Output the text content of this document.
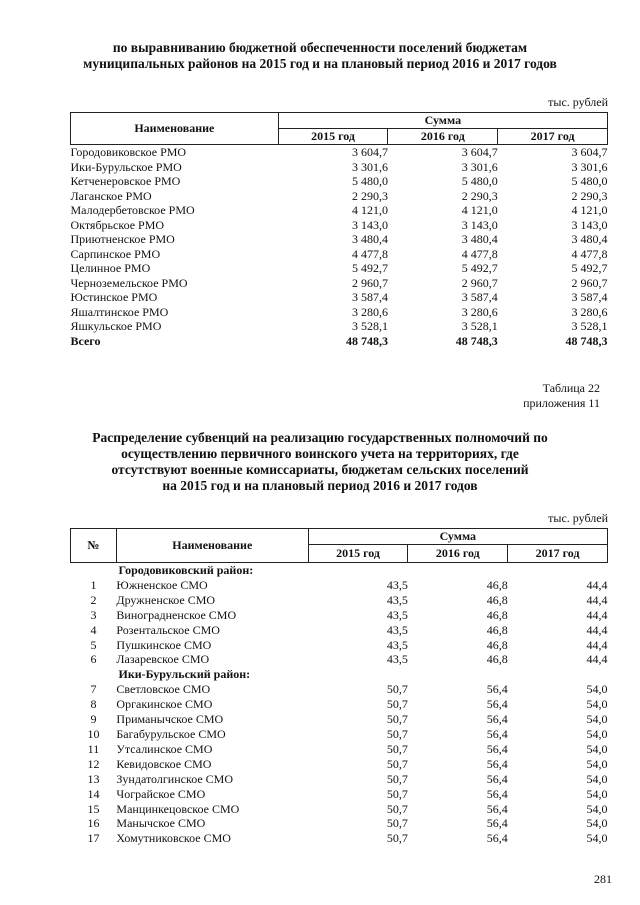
по выравниванию бюджетной обеспеченности поселений бюджетам
муниципальных районов на 2015 год и на плановый период 2016 и 2017 годов
тыс. рублей
Наименование	Сумма		
	2015 год	2016 год	2017 год
Городовиковское РМО	3 604,7	3 604,7	3 604,7
Ики-Бурульское РМО	3 301,6	3 301,6	3 301,6
Кетченеровское РМО	5 480,0	5 480,0	5 480,0
Лаганское РМО	2 290,3	2 290,3	2 290,3
Малодербетовское РМО	4 121,0	4 121,0	4 121,0
Октябрьское РМО	3 143,0	3 143,0	3 143,0
Приютненское РМО	3 480,4	3 480,4	3 480,4
Сарпинское РМО	4 477,8	4 477,8	4 477,8
Целинное РМО	5 492,7	5 492,7	5 492,7
Черноземельское РМО	2 960,7	2 960,7	2 960,7
Юстинское РМО	3 587,4	3 587,4	3 587,4
Яшалтинское РМО	3 280,6	3 280,6	3 280,6
Яшкульское РМО	3 528,1	3 528,1	3 528,1
Всего	48 748,3	48 748,3	48 748,3
Таблица 22
приложения 11
Распределение субвенций на реализацию государственных полномочий по
осуществлению первичного воинского учета на территориях, где
отсутствуют военные комиссариаты, бюджетам сельских поселений
на 2015 год и на плановый период 2016 и 2017 годов
тыс. рублей
№	Наименование	Сумма		
		2015 год	2016 год	2017 год
Городовиковский район:				
1	Южненское СМО	43,5	46,8	44,4
2	Дружненское СМО	43,5	46,8	44,4
3	Виноградненское СМО	43,5	46,8	44,4
4	Розентальское СМО	43,5	46,8	44,4
5	Пушкинское СМО	43,5	46,8	44,4
6	Лазаревское СМО	43,5	46,8	44,4
Ики-Бурульский район:				
7	Светловское СМО	50,7	56,4	54,0
8	Оргакинское СМО	50,7	56,4	54,0
9	Приманычское СМО	50,7	56,4	54,0
10	Багабурульское СМО	50,7	56,4	54,0
11	Утсалинское СМО	50,7	56,4	54,0
12	Кевидовское СМО	50,7	56,4	54,0
13	Зундатолгинское СМО	50,7	56,4	54,0
14	Чограйское СМО	50,7	56,4	54,0
15	Манцинкецовское СМО	50,7	56,4	54,0
16	Манычское СМО	50,7	56,4	54,0
17	Хомутниковское СМО	50,7	56,4	54,0
281
